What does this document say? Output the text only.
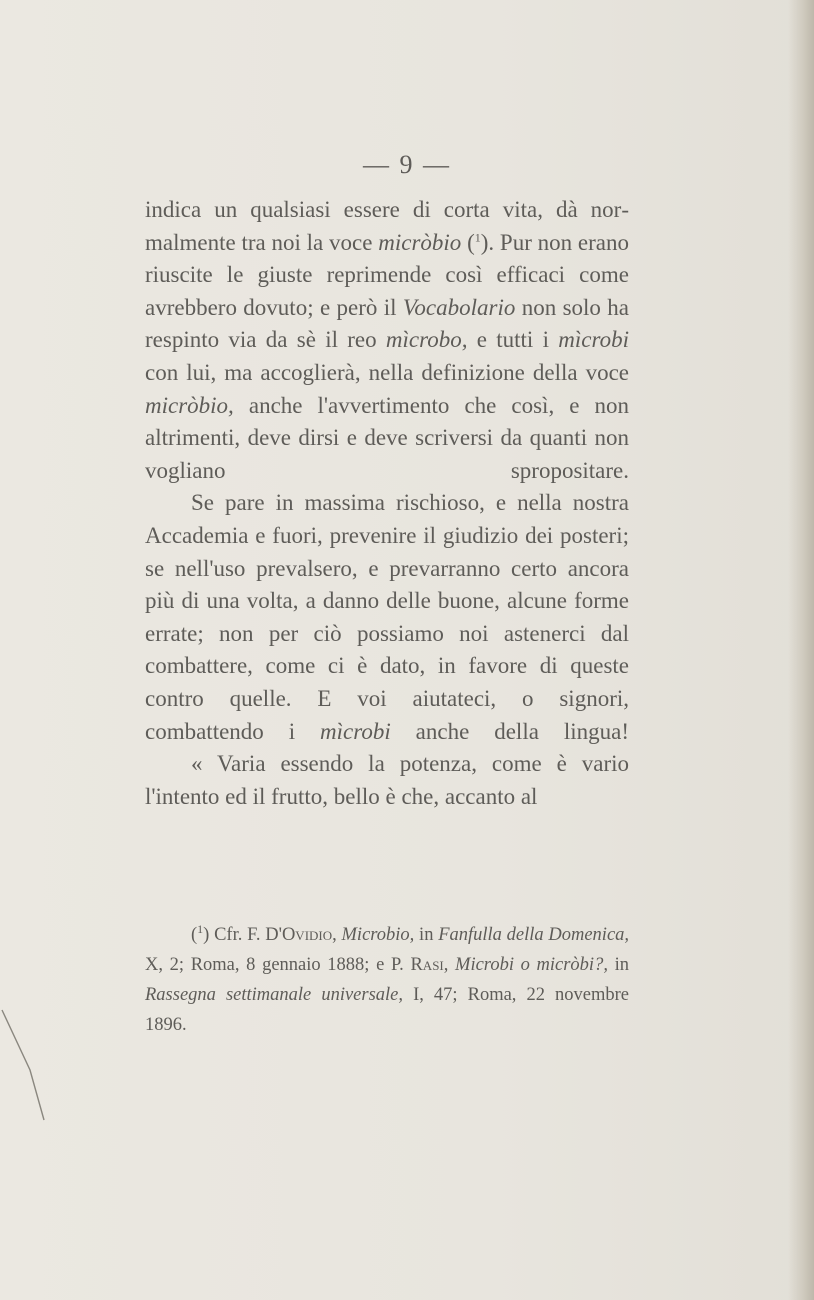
— 9 —

indica un qualsiasi essere di corta vita, dà normalmente tra noi la voce micròbio ($^1$). Pur non erano riuscite le giuste reprimende così efficaci come avrebbero dovuto; e però il Vocabolario non solo ha respinto via da sè il reo mìcrobo, e tutti i mìcrobi con lui, ma accoglierà, nella definizione della voce micròbio, anche l'avvertimento che così, e non altrimenti, deve dirsi e deve scriversi da quanti non vogliano spropositare.

Se pare in massima rischioso, e nella nostra Accademia e fuori, prevenire il giudizio dei posteri; se nell'uso prevalsero, e prevarranno certo ancora più di una volta, a danno delle buone, alcune forme errate; non per ciò possiamo noi astenerci dal combattere, come ci è dato, in favore di queste contro quelle. E voi aiutateci, o signori, combattendo i mìcrobi anche della lingua!

« Varia essendo la potenza, come è vario l'intento ed il frutto, bello è che, accanto al

($^1$) Cfr. F. D'Ovidio, Microbio, in Fanfulla della Domenica, X, 2; Roma, 8 gennaio 1888; e P. Rasi, Microbi o micròbi?, in Rassegna settimanale universale, I, 47; Roma, 22 novembre 1896.
